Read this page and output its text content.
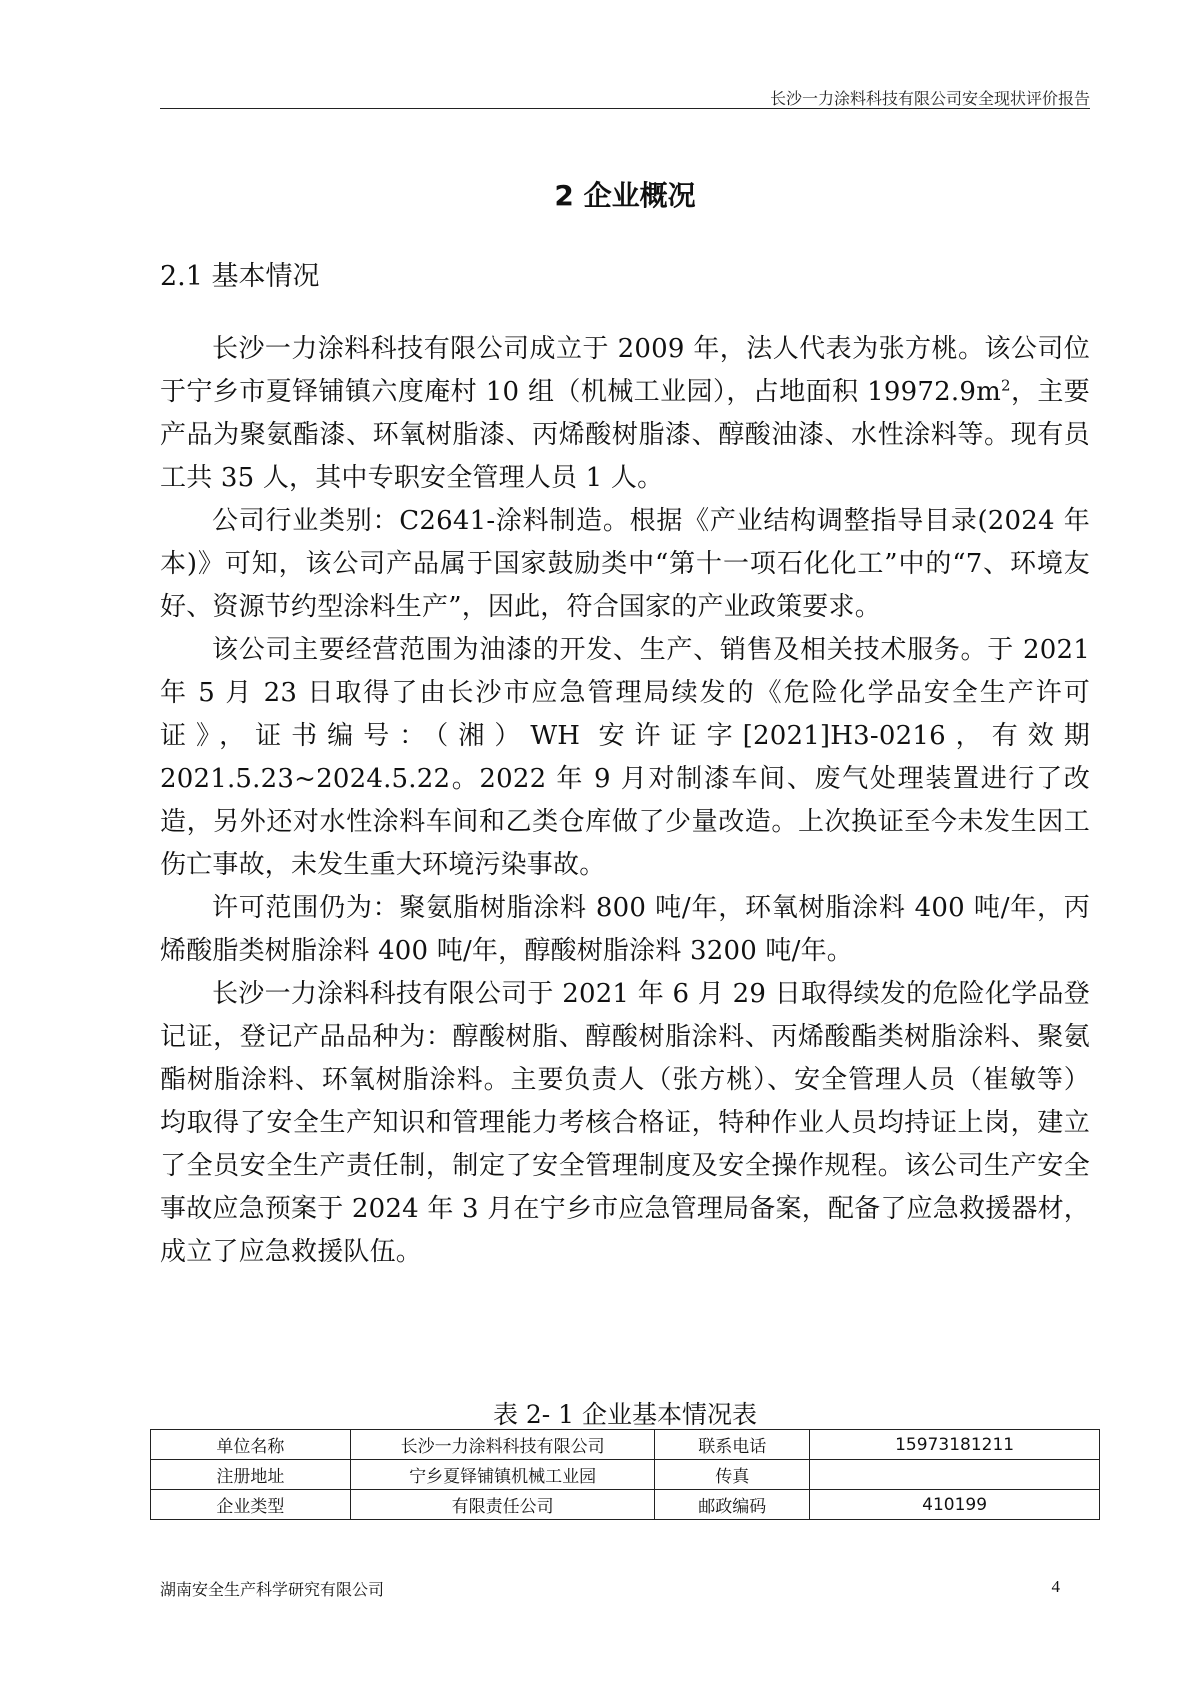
长沙一力涂料科技有限公司安全现状评价报告
2 企业概况
2.1 基本情况

长沙一力涂料科技有限公司成立于 2009 年，法人代表为张方桃。该公司位于宁乡市夏铎铺镇六度庵村 10 组（机械工业园），占地面积 $19972.9m^2$，主要产品为聚氨酯漆、环氧树脂漆、丙烯酸树脂漆、醇酸油漆、水性涂料等。现有员工共 35 人，其中专职安全管理人员 1 人。

公司行业类别：C2641-涂料制造。根据《产业结构调整指导目录(2024 年本)》可知，该公司产品属于国家鼓励类中“第十一项石化化工”中的“7、环境友好、资源节约型涂料生产”，因此，符合国家的产业政策要求。

该公司主要经营范围为油漆的开发、生产、销售及相关技术服务。于 2021 年 5 月 23 日取得了由长沙市应急管理局续发的《危险化学品安全生产许可证》，证书编号：（湘）WH 安许证字[2021]H3-0216，有效期 2021.5.23~2024.5.22。2022 年 9 月对制漆车间、废气处理装置进行了改造，另外还对水性涂料车间和乙类仓库做了少量改造。上次换证至今未发生因工伤亡事故，未发生重大环境污染事故。

许可范围仍为：聚氨脂树脂涂料 800 吨/年，环氧树脂涂料 400 吨/年，丙烯酸脂类树脂涂料 400 吨/年，醇酸树脂涂料 3200 吨/年。

长沙一力涂料科技有限公司于 2021 年 6 月 29 日取得续发的危险化学品登记证，登记产品品种为：醇酸树脂、醇酸树脂涂料、丙烯酸酯类树脂涂料、聚氨酯树脂涂料、环氧树脂涂料。主要负责人（张方桃）、安全管理人员（崔敏等）均取得了安全生产知识和管理能力考核合格证，特种作业人员均持证上岗，建立了全员安全生产责任制，制定了安全管理制度及安全操作规程。该公司生产安全事故应急预案于 2024 年 3 月在宁乡市应急管理局备案，配备了应急救援器材，成立了应急救援队伍。

表 2- 1 企业基本情况表
单位名称	长沙一力涂料科技有限公司	联系电话	15973181211
注册地址	宁乡夏铎铺镇机械工业园	传真	
企业类型	有限责任公司	邮政编码	410199
湖南安全生产科学研究有限公司	4
